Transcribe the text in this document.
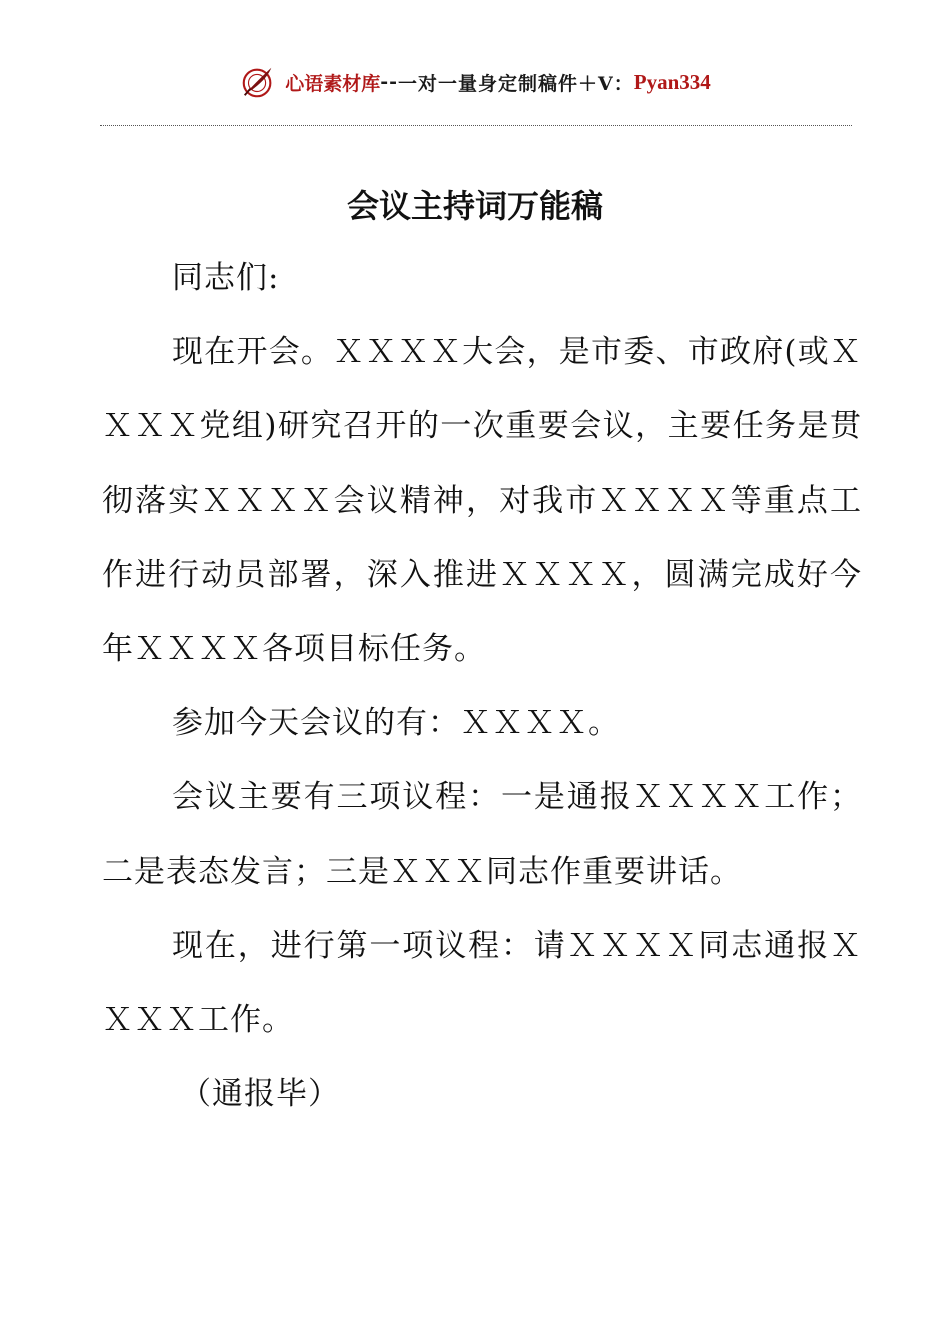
心语素材库 -- 一对一量身定制稿件＋V： Pyan334
会议主持词万能稿

同志们:

现在开会。ＸＸＸＸ大会，是市委、市政府(或ＸＸＸＸ党组)研究召开的一次重要会议，主要任务是贯彻落实ＸＸＸＸ会议精神，对我市ＸＸＸＸ等重点工作进行动员部署，深入推进ＸＸＸＸ，圆满完成好今年ＸＸＸＸ各项目标任务。

参加今天会议的有：ＸＸＸＸ。

会议主要有三项议程：一是通报ＸＸＸＸ工作；二是表态发言；三是ＸＸＸ同志作重要讲话。

现在，进行第一项议程：请ＸＸＸＸ同志通报ＸＸＸＸ工作。

（通报毕）
